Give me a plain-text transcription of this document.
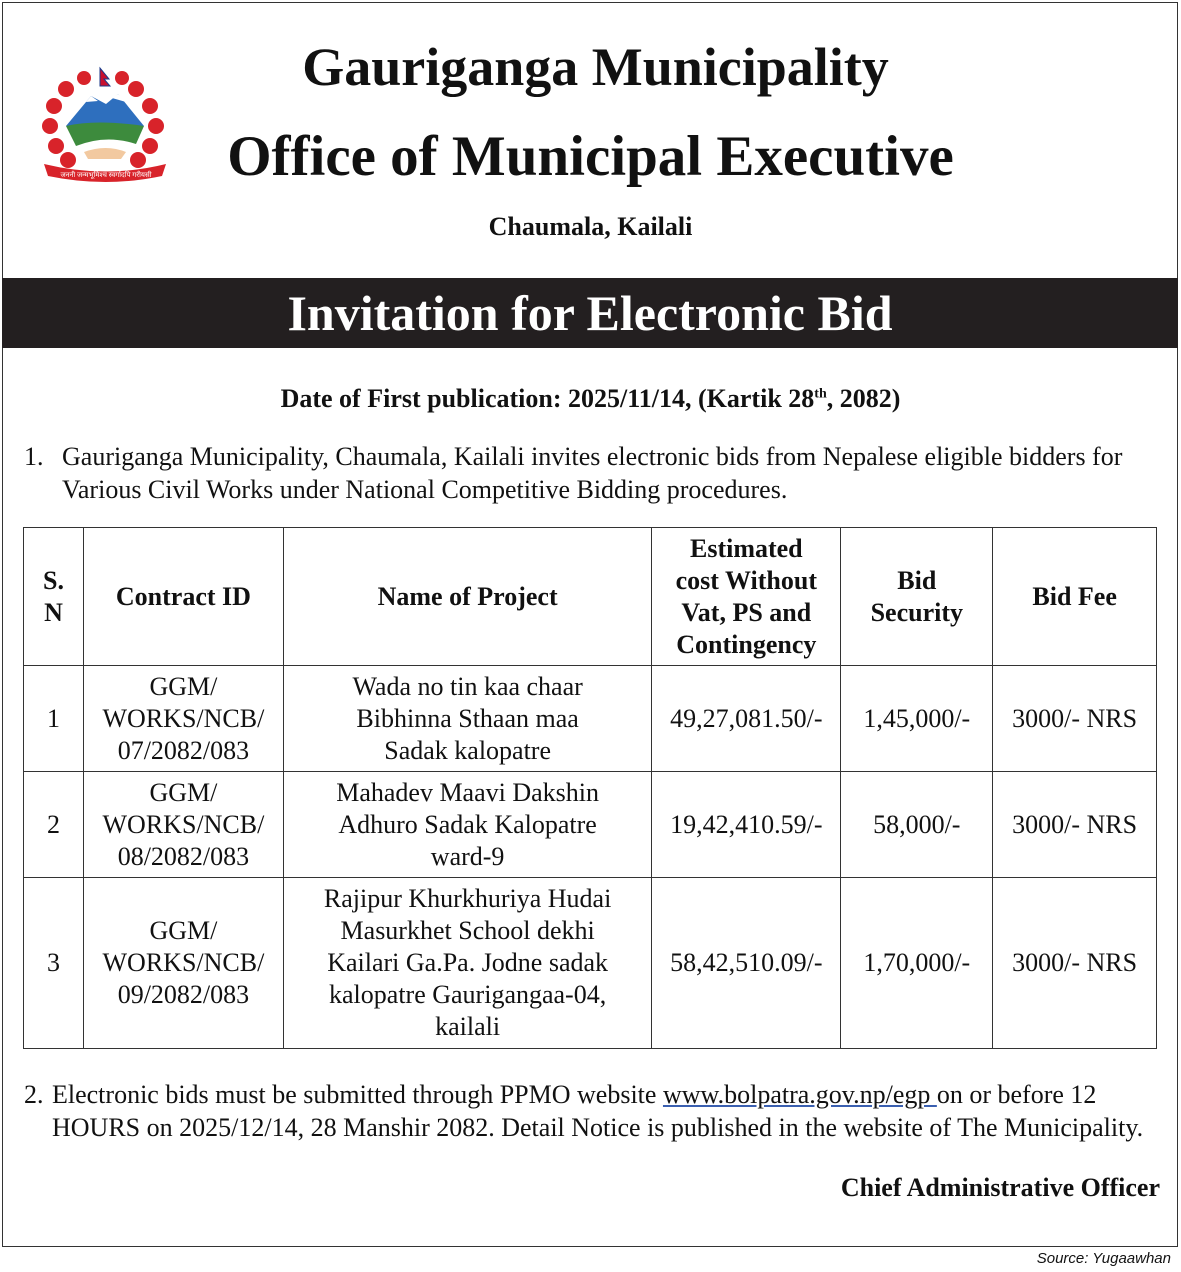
जननी जन्मभूमिश्च स्वर्गादपि गरीयसी
Gauriganga Municipality
Office of Municipal Executive
Chaumala, Kailali
Invitation for Electronic Bid
Date of First publication: 2025/11/14, (Kartik 28th, 2082)
1. Gauriganga Municipality, Chaumala, Kailali invites electronic bids from Nepalese eligible bidders for Various Civil Works under National Competitive Bidding procedures.
S. N	Contract ID	Name of Project	Estimated cost Without Vat, PS and Contingency	Bid Security	Bid Fee
1	GGM/ WORKS/NCB/ 07/2082/083	Wada no tin kaa chaar Bibhinna Sthaan maa Sadak kalopatre	49,27,081.50/-	1,45,000/-	3000/- NRS
2	GGM/ WORKS/NCB/ 08/2082/083	Mahadev Maavi Dakshin Adhuro Sadak Kalopatre ward-9	19,42,410.59/-	58,000/-	3000/- NRS
3	GGM/ WORKS/NCB/ 09/2082/083	Rajipur Khurkhuriya Hudai Masurkhet School dekhi Kailari Ga.Pa. Jodne sadak kalopatre Gaurigangaa-04, kailali	58,42,510.09/-	1,70,000/-	3000/- NRS
2. Electronic bids must be submitted through PPMO website www.bolpatra.gov.np/egp on or before 12 HOURS on 2025/12/14, 28 Manshir 2082. Detail Notice is published in the website of The Municipality.
Chief Administrative Officer
Source: Yugaawhan
